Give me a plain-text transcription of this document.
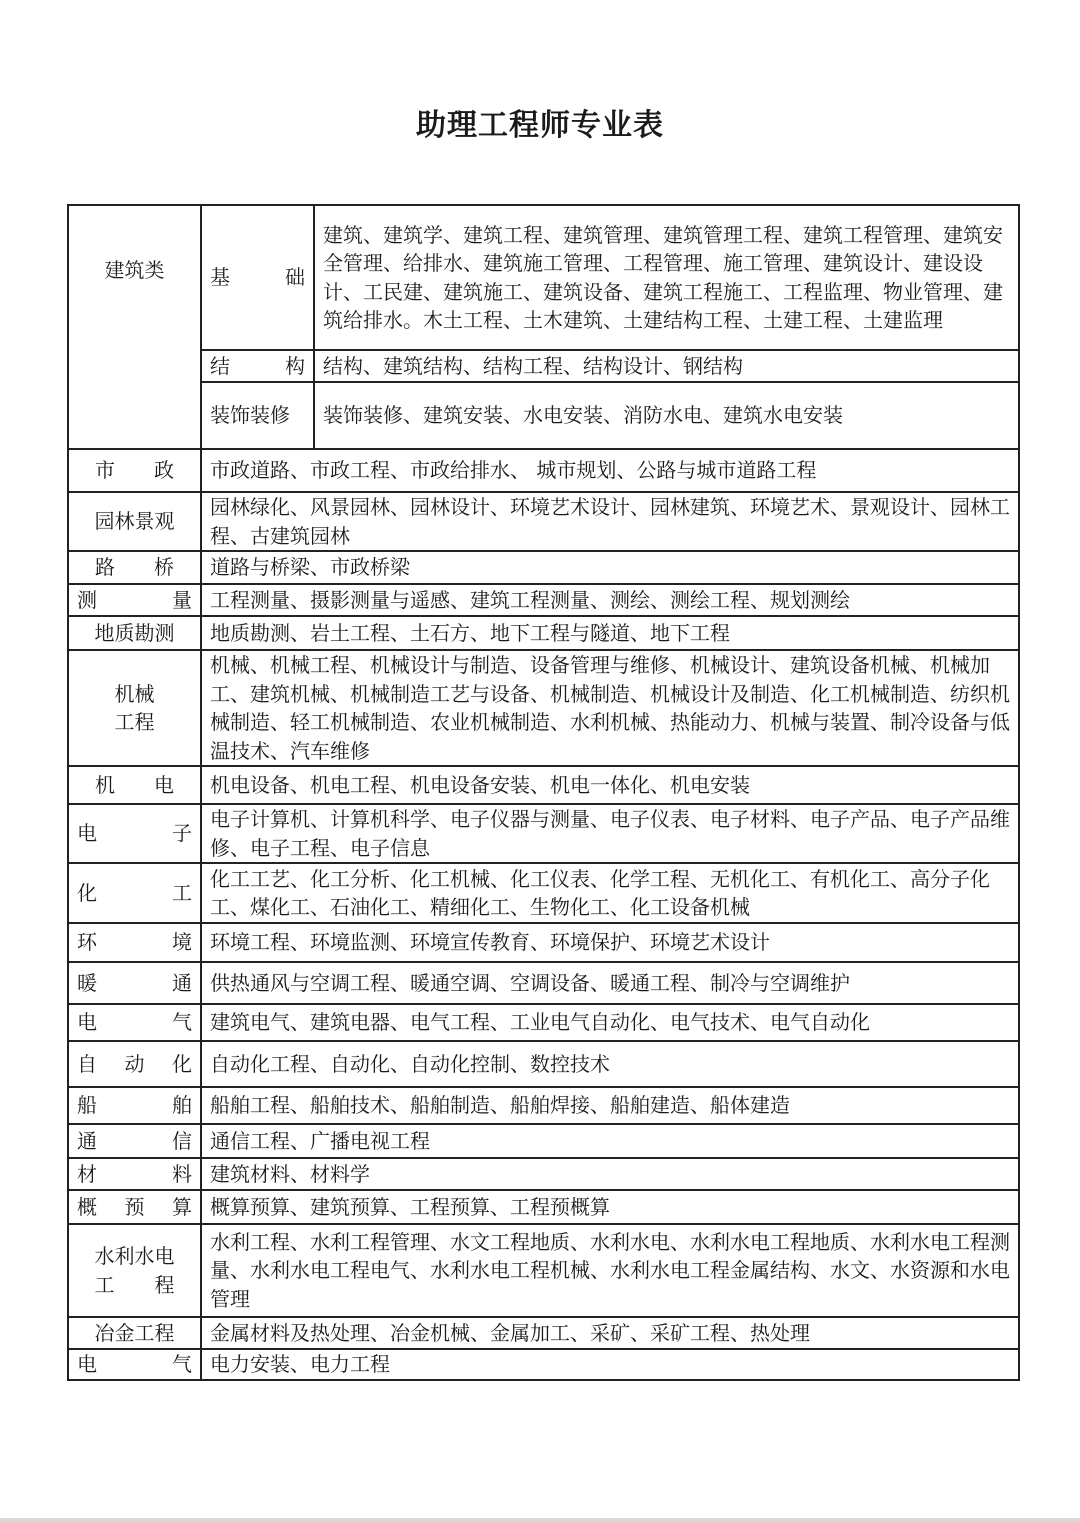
助理工程师专业表
建筑类	基　　础	建筑、建筑学、建筑工程、建筑管理、建筑管理工程、建筑工程管理、建筑安全管理、给排水、建筑施工管理、工程管理、施工管理、建筑设计、建设设计、工民建、建筑施工、建筑设备、建筑工程施工、工程监理、物业管理、建筑给排水。木土工程、土木建筑、土建结构工程、土建工程、土建监理

	结　　构	结构、建筑结构、结构工程、结构设计、钢结构
	装饰装修	装饰装修、建筑安装、水电安装、消防水电、建筑水电安装

市　政	市政道路、市政工程、市政给排水、 城市规划、公路与城市道路工程	
园林景观	园林绿化、风景园林、园林设计、环境艺术设计、园林建筑、环境艺术、景观设计、园林工程、古建筑园林	

路　桥	道路与桥梁、市政桥梁	

测　　量	工程测量、摄影测量与遥感、建筑工程测量、测绘、测绘工程、规划测绘	
地质勘测	地质勘测、岩土工程、土石方、地下工程与隧道、地下工程	
机械工程	机械、机械工程、机械设计与制造、设备管理与维修、机械设计、建筑设备机械、机械加工、建筑机械、机械制造工艺与设备、机械制造、机械设计及制造、化工机械制造、纺织机械制造、轻工机械制造、农业机械制造、水利机械、热能动力、机械与装置、制冷设备与低温技术、汽车维修	

机　电	机电设备、机电工程、机电设备安装、机电一体化、机电安装	

电　　子	电子计算机、计算机科学、电子仪器与测量、电子仪表、电子材料、电子产品、电子产品维修、电子工程、电子信息	

化　　工	化工工艺、化工分析、化工机械、化工仪表、化学工程、无机化工、有机化工、高分子化工、煤化工、石油化工、精细化工、生物化工、化工设备机械	

环　　境	环境工程、环境监测、环境宣传教育、环境保护、环境艺术设计	

暖　　通	供热通风与空调工程、暖通空调、空调设备、暖通工程、制冷与空调维护	

电　　气	建筑电气、建筑电器、电气工程、工业电气自动化、电气技术、电气自动化	

自 动 化	自动化工程、自动化、自动化控制、数控技术	

船　　舶	船舶工程、船舶技术、船舶制造、船舶焊接、船舶建造、船体建造	

通　　信	通信工程、广播电视工程	

材　　料	建筑材料、材料学	

概 预 算	概算预算、建筑预算、工程预算、工程预概算	
水利水电工　　程	水利工程、水利工程管理、水文工程地质、水利水电、水利水电工程地质、水利水电工程测　量、水利水电工程电气、水利水电工程机械、水利水电工程金属结构、水文、水资源和水电管理	
冶金工程	金属材料及热处理、冶金机械、金属加工、采矿、采矿工程、热处理	

电　　气	电力安装、电力工程	
